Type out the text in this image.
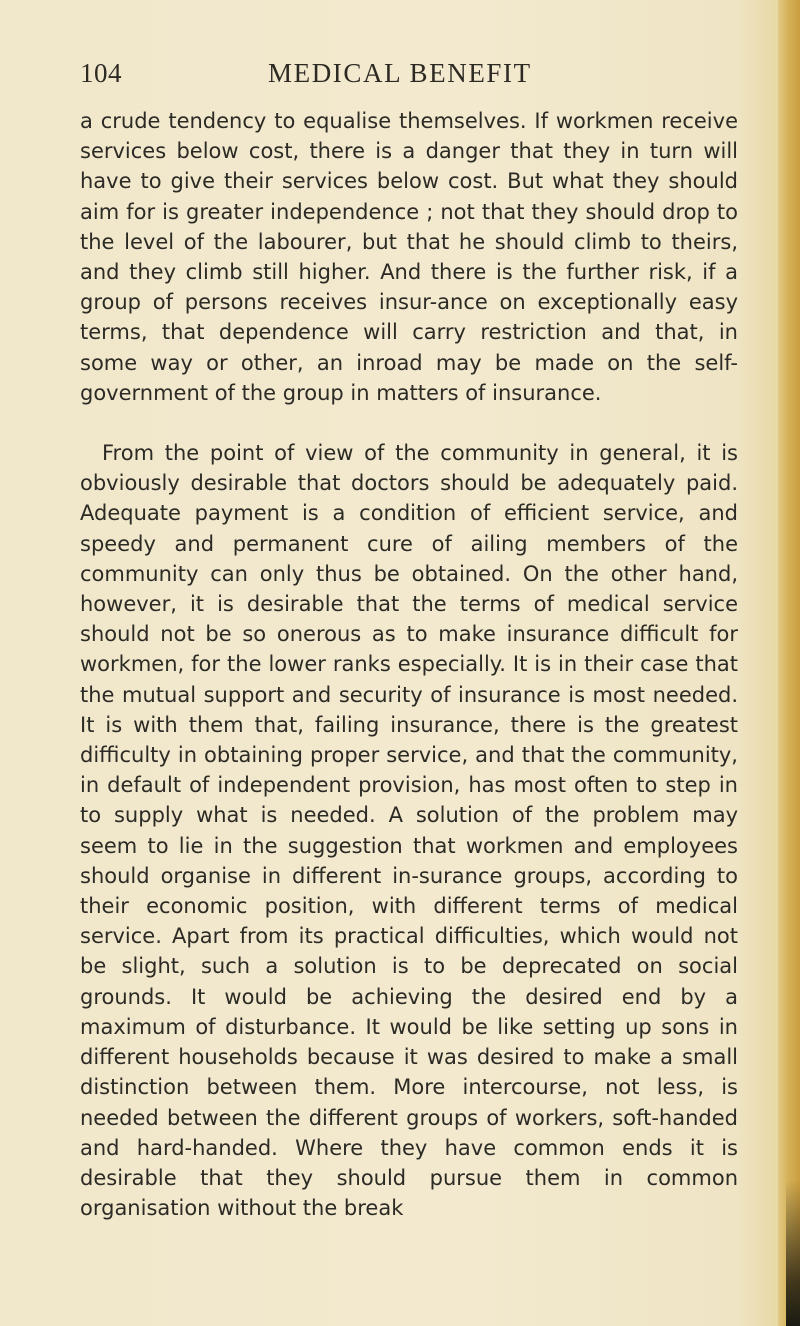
104	MEDICAL BENEFIT

a crude tendency to equalise themselves. If workmen receive services below cost, there is a danger that they in turn will have to give their services below cost. But what they should aim for is greater independence ; not that they should drop to the level of the labourer, but that he should climb to theirs, and they climb still higher. And there is the further risk, if a group of persons receives insur-ance on exceptionally easy terms, that dependence will carry restriction and that, in some way or other, an inroad may be made on the self-government of the group in matters of insurance.

From the point of view of the community in general, it is obviously desirable that doctors should be adequately paid. Adequate payment is a condition of efficient service, and speedy and permanent cure of ailing members of the community can only thus be obtained. On the other hand, however, it is desirable that the terms of medical service should not be so onerous as to make insurance difficult for workmen, for the lower ranks especially. It is in their case that the mutual support and security of insurance is most needed. It is with them that, failing insurance, there is the greatest difficulty in obtaining proper service, and that the community, in default of independent provision, has most often to step in to supply what is needed. A solution of the problem may seem to lie in the suggestion that workmen and employees should organise in different in-surance groups, according to their economic position, with different terms of medical service. Apart from its practical difficulties, which would not be slight, such a solution is to be deprecated on social grounds. It would be achieving the desired end by a maximum of disturbance. It would be like setting up sons in different households because it was desired to make a small distinction between them. More intercourse, not less, is needed between the different groups of workers, soft-handed and hard-handed. Where they have common ends it is desirable that they should pursue them in common organisation without the break
